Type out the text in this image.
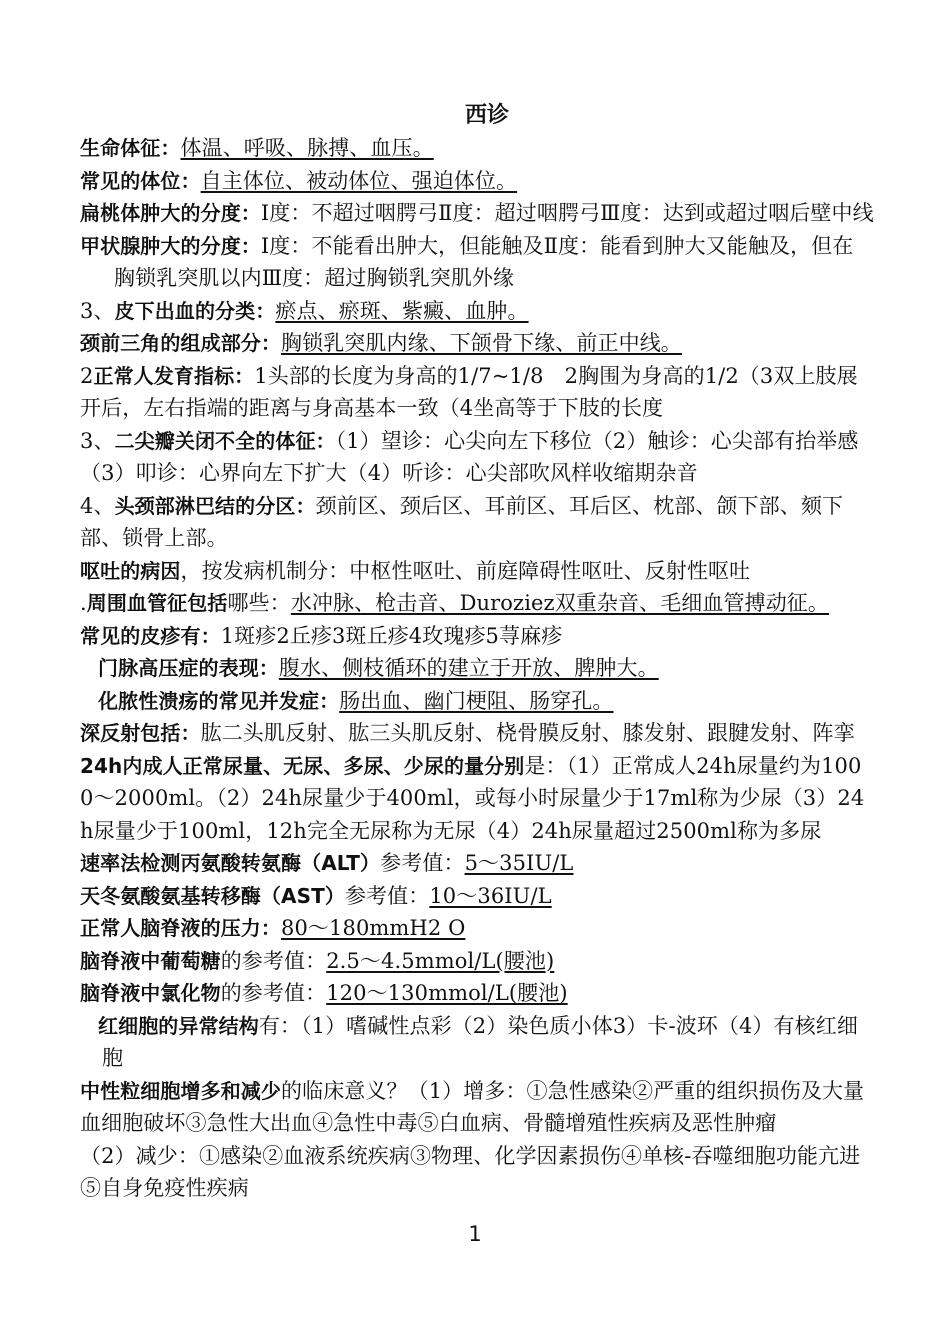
西诊

生命体征：体温、呼吸、脉搏、血压。

常见的体位：自主体位、被动体位、强迫体位。

扁桃体肿大的分度：Ⅰ度：不超过咽腭弓Ⅱ度：超过咽腭弓Ⅲ度：达到或超过咽后壁中线

甲状腺肿大的分度：Ⅰ度：不能看出肿大，但能触及Ⅱ度：能看到肿大又能触及，但在胸锁乳突肌以内Ⅲ度：超过胸锁乳突肌外缘

3、皮下出血的分类：瘀点、瘀斑、紫癜、血肿。

颈前三角的组成部分：胸锁乳突肌内缘、下颌骨下缘、前正中线。

2正常人发育指标：1头部的长度为身高的1/7~1/8　2胸围为身高的1/2（3双上肢展开后，左右指端的距离与身高基本一致（4坐高等于下肢的长度

3、二尖瓣关闭不全的体征：（1）望诊：心尖向左下移位（2）触诊：心尖部有抬举感（3）叩诊：心界向左下扩大（4）听诊：心尖部吹风样收缩期杂音

4、头颈部淋巴结的分区：颈前区、颈后区、耳前区、耳后区、枕部、颌下部、颏下部、锁骨上部。

呕吐的病因，按发病机制分：中枢性呕吐、前庭障碍性呕吐、反射性呕吐

.周围血管征包括哪些：水冲脉、枪击音、Duroziez双重杂音、毛细血管搏动征。

常见的皮疹有：1斑疹2丘疹3斑丘疹4玫瑰疹5荨麻疹

门脉高压症的表现：腹水、侧枝循环的建立于开放、脾肿大。

化脓性溃疡的常见并发症：肠出血、幽门梗阻、肠穿孔。

深反射包括：肱二头肌反射、肱三头肌反射、桡骨膜反射、膝发射、跟腱发射、阵挛

24h内成人正常尿量、无尿、多尿、少尿的量分别是：（1）正常成人24h尿量约为1000～2000ml。（2）24h尿量少于400ml，或每小时尿量少于17ml称为少尿（3）24h尿量少于100ml，12h完全无尿称为无尿（4）24h尿量超过2500ml称为多尿

速率法检测丙氨酸转氨酶（ALT）参考值：5～35IU/L

天冬氨酸氨基转移酶（AST）参考值：10～36IU/L

正常人脑脊液的压力：80～180mmH2 O

脑脊液中葡萄糖的参考值：2.5～4.5mmol/L(腰池)

脑脊液中氯化物的参考值：120～130mmol/L(腰池)

红细胞的异常结构有：（1）嗜碱性点彩（2）染色质小体3）卡-波环（4）有核红细胞

中性粒细胞增多和减少的临床意义？（1）增多：①急性感染②严重的组织损伤及大量血细胞破坏③急性大出血④急性中毒⑤白血病、骨髓增殖性疾病及恶性肿瘤

（2）减少：①感染②血液系统疾病③物理、化学因素损伤④单核-吞噬细胞功能亢进⑤自身免疫性疾病

1
